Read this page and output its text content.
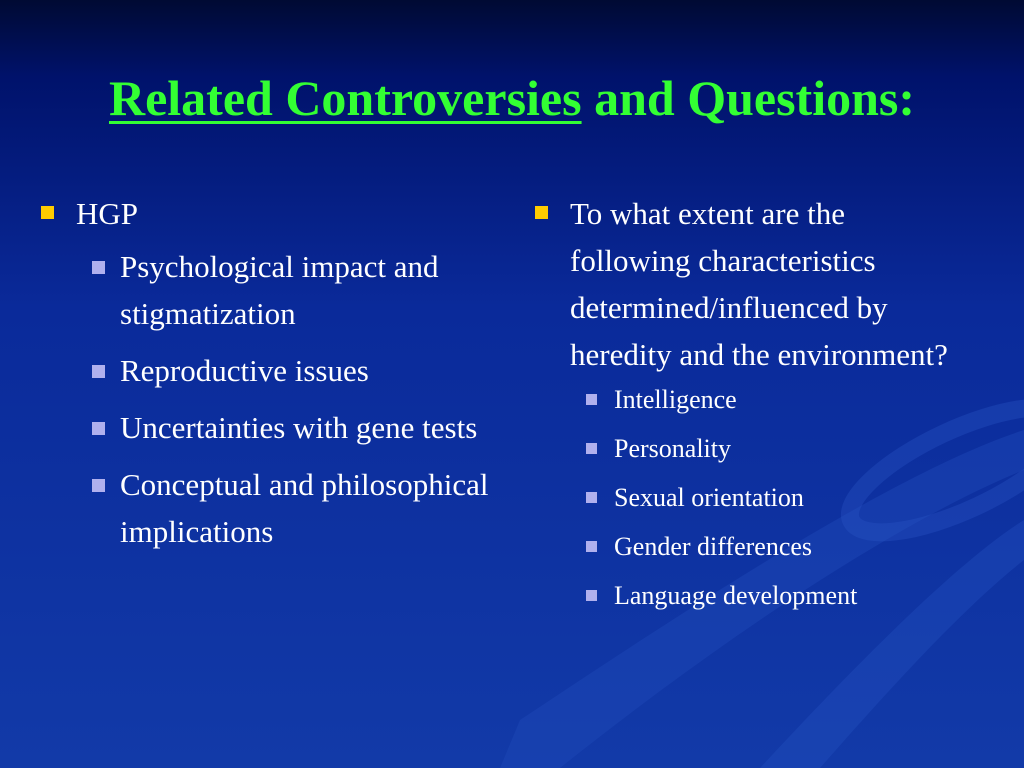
Related Controversies and Questions:
HGP
Psychological impact and stigmatization
Reproductive issues
Uncertainties with gene tests
Conceptual and philosophical implications
To what extent are the following characteristics determined/influenced by heredity and the environment?
Intelligence
Personality
Sexual orientation
Gender differences
Language development
